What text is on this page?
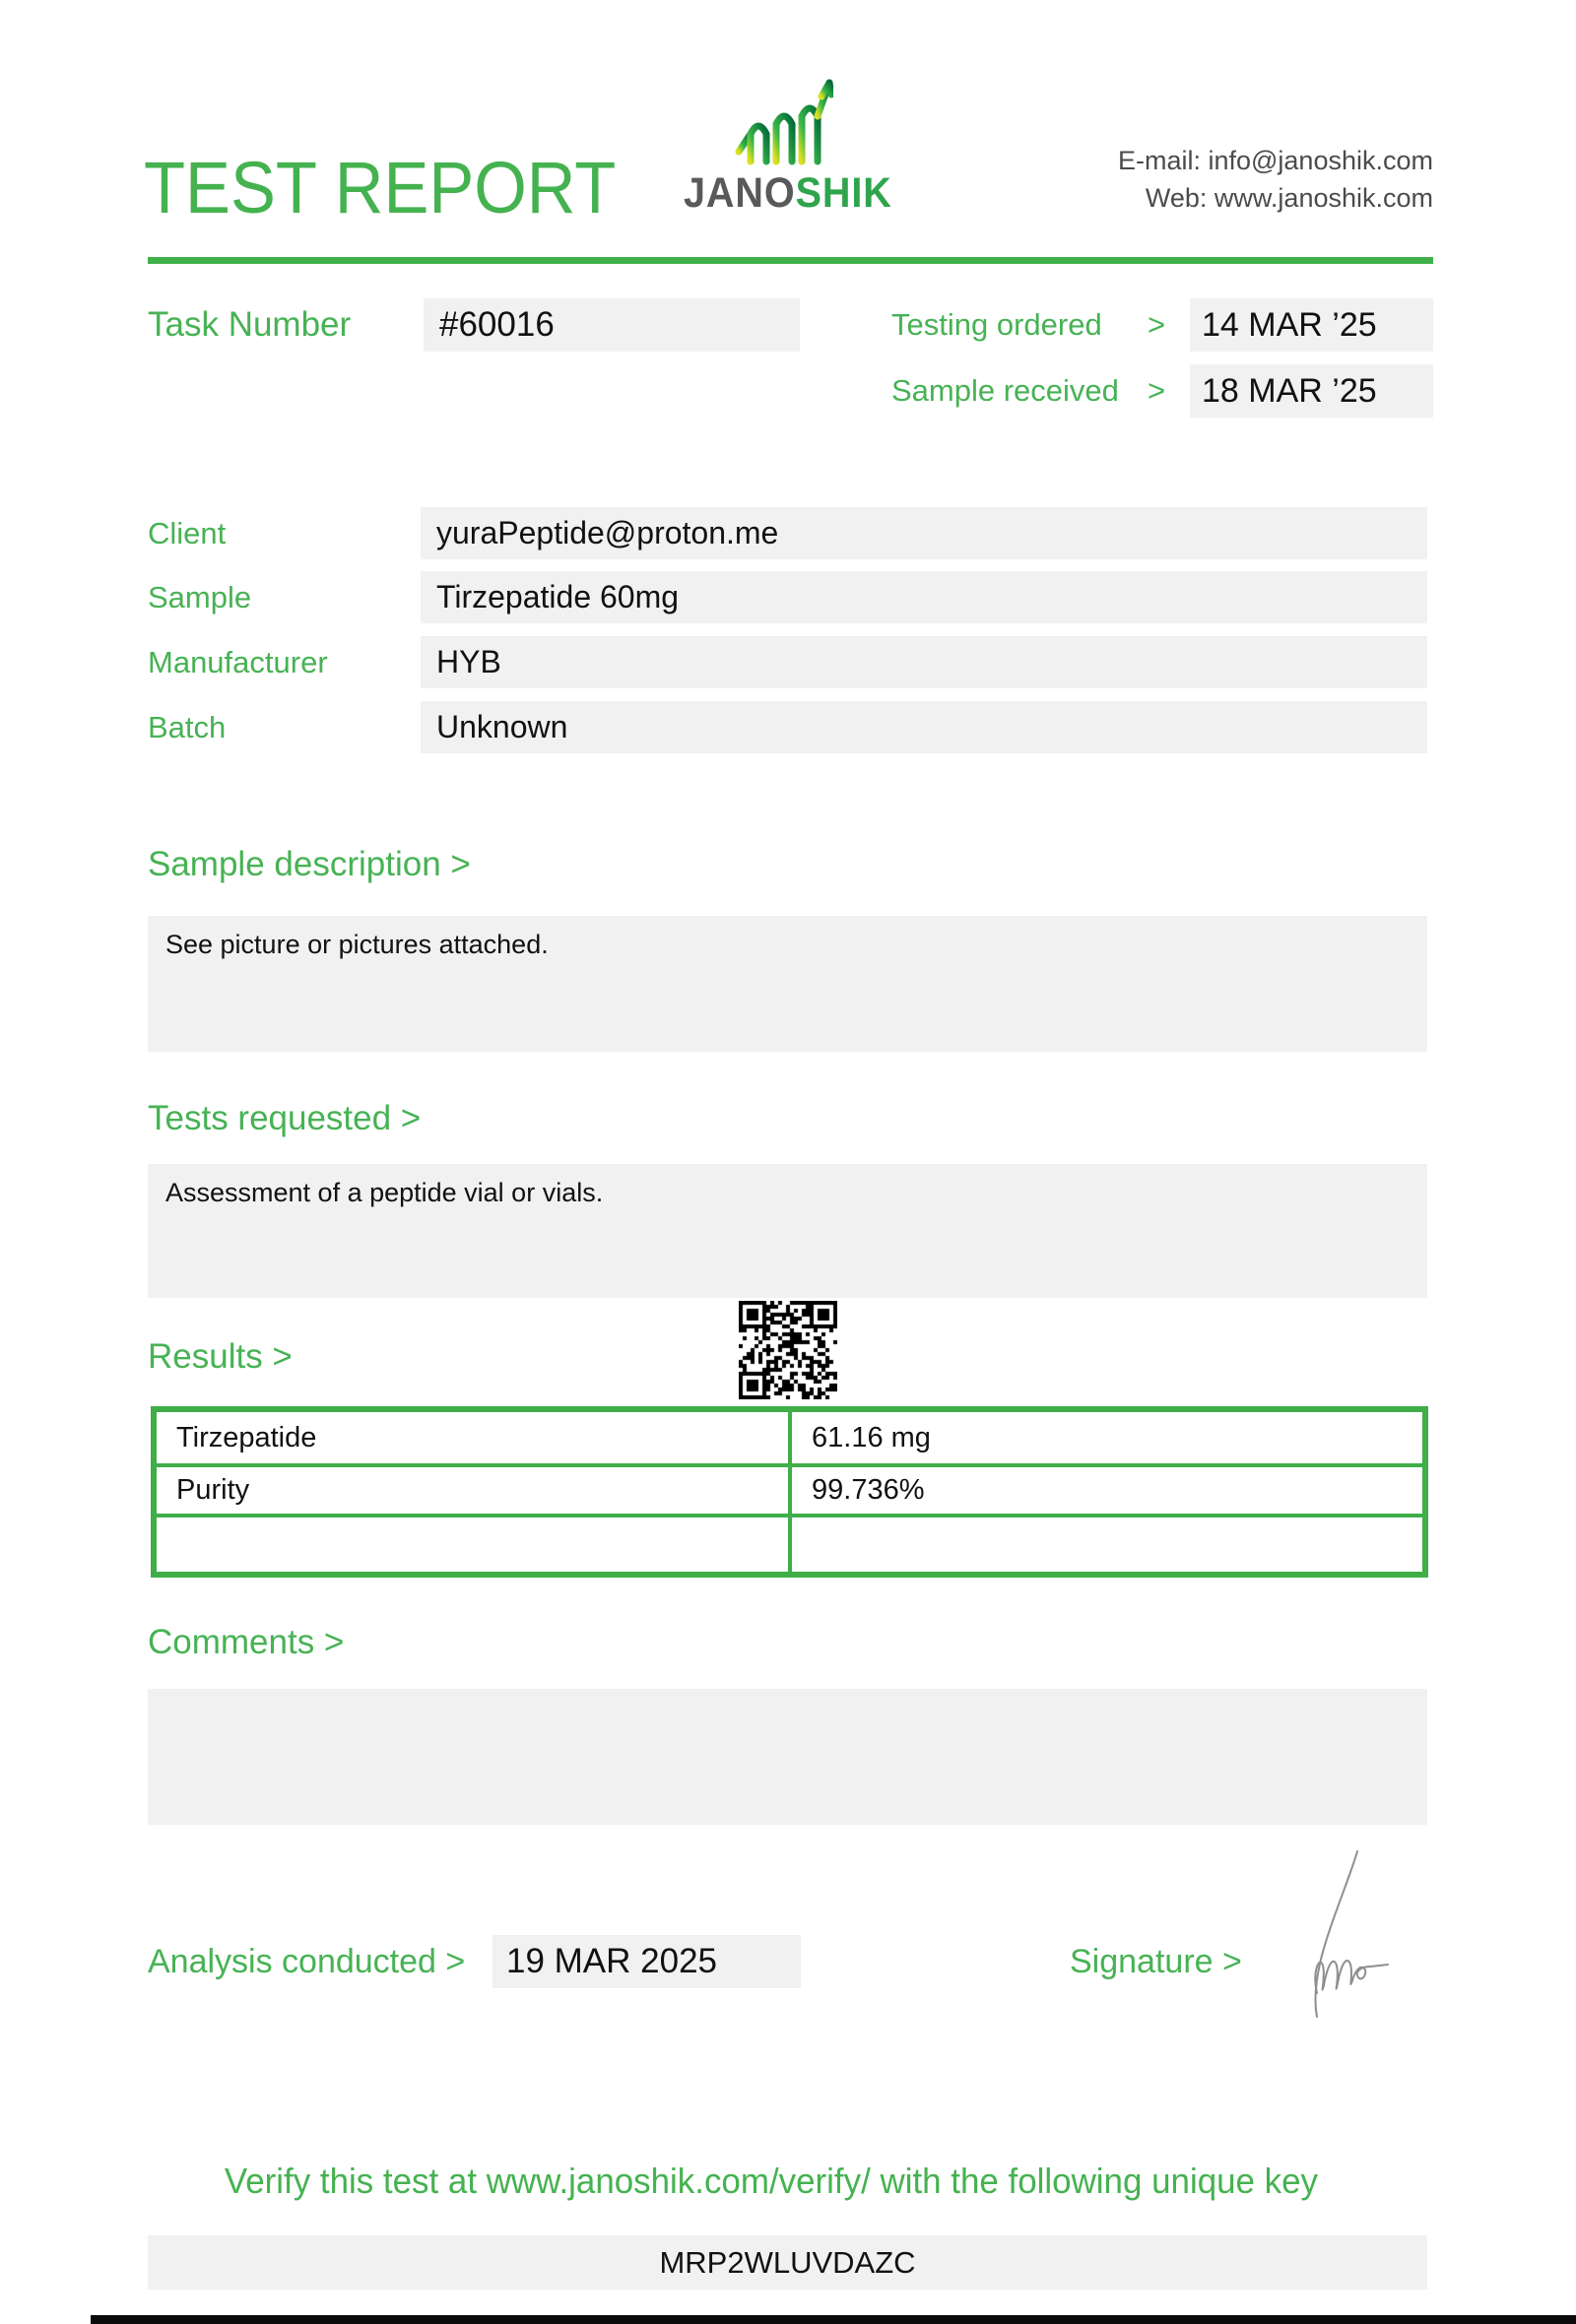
TEST REPORT JANOSHIK
E-mail: info@janoshik.com
Web: www.janoshik.com
Task Number	#60016	Testing ordered >	14 MAR ’25
Sample received >	18 MAR ’25
Client	yuraPeptide@proton.me
Sample	Tirzepatide 60mg
Manufacturer	HYB
Batch	Unknown
Sample description >
See picture or pictures attached.
Tests requested >
Assessment of a peptide vial or vials.
Results >
Tirzepatide	61.16 mg
Purity	99.736%
Comments >
Analysis conducted >	19 MAR 2025	Signature >
Verify this test at www.janoshik.com/verify/ with the following unique key
MRP2WLUVDAZC
